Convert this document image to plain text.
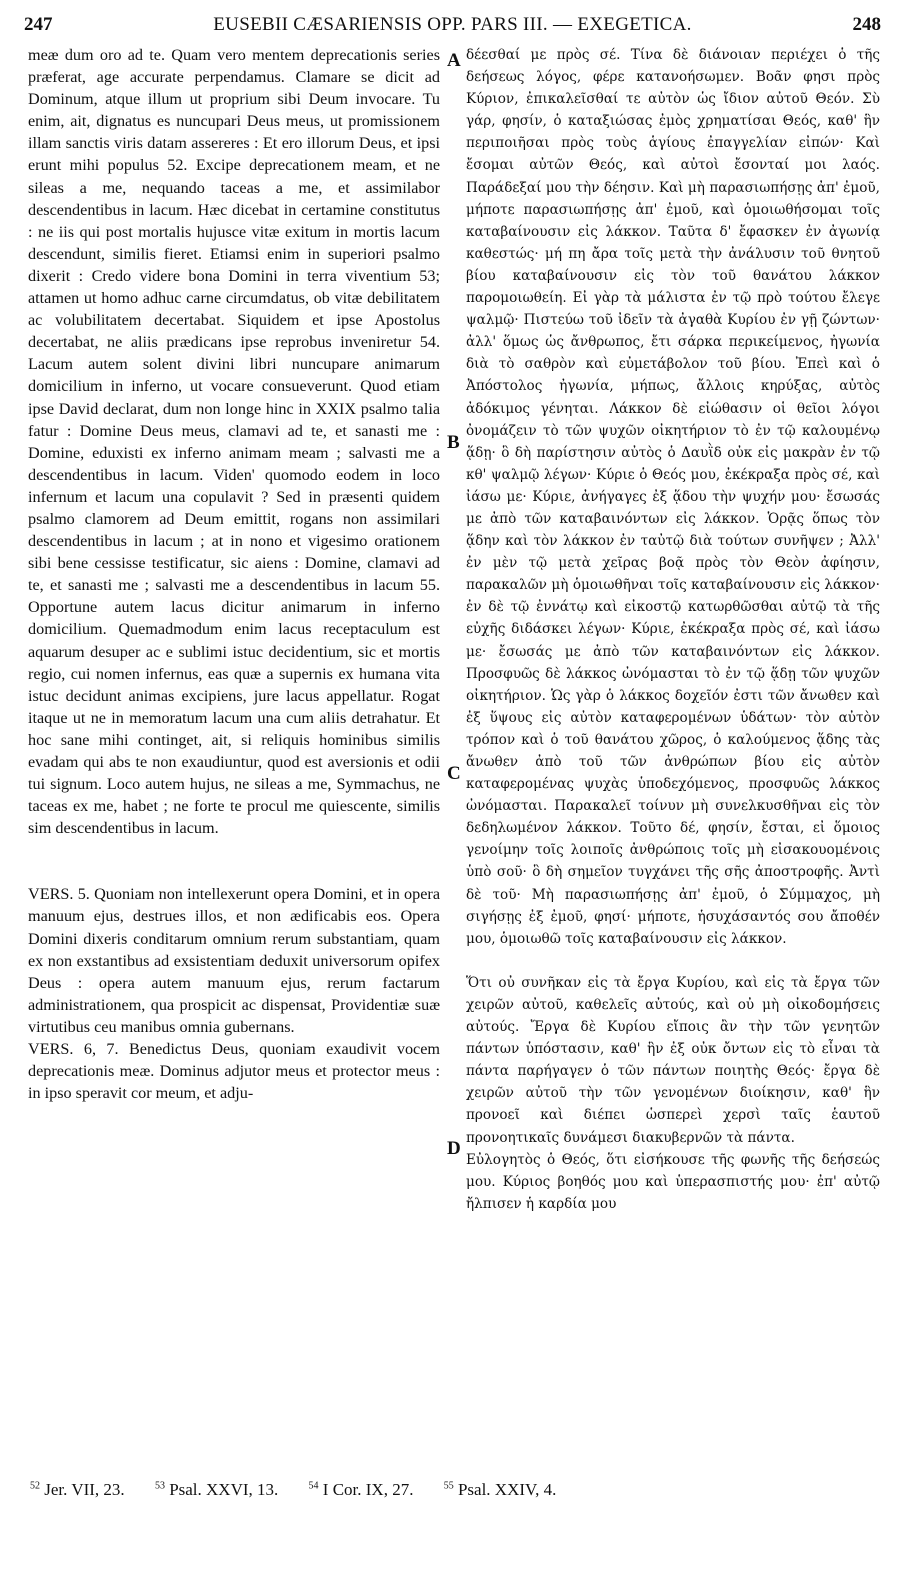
247	EUSEBII CÆSARIENSIS OPP. PARS III. — EXEGETICA.	248

meæ dum oro ad te. Quam vero mentem deprecationis series præferat, age accurate perpendamus. Clamare se dicit ad Dominum, atque illum ut proprium sibi Deum invocare. Tu enim, ait, dignatus es nuncupari Deus meus, ut promissionem illam sanctis viris datam assereres : Et ero illorum Deus, et ipsi erunt mihi populus 52. Excipe deprecationem meam, et ne sileas a me, nequando taceas a me, et assimilabor descendentibus in lacum. Hæc dicebat in certamine constitutus : ne iis qui post mortalis hujusce vitæ exitum in mortis lacum descendunt, similis fieret. Etiamsi enim in superiori psalmo dixerit : Credo videre bona Domini in terra viventium 53; attamen ut homo adhuc carne circumdatus, ob vitæ debilitatem ac volubilitatem decertabat. Siquidem et ipse Apostolus decertabat, ne aliis prædicans ipse reprobus inveniretur 54. Lacum autem solent divini libri nuncupare animarum domicilium in inferno, ut vocare consueverunt. Quod etiam ipse David declarat, dum non longe hinc in XXIX psalmo talia fatur : Domine Deus meus, clamavi ad te, et sanasti me : Domine, eduxisti ex inferno animam meam ; salvasti me a descendentibus in lacum. Viden' quomodo eodem in loco infernum et lacum una copulavit ? Sed in præsenti quidem psalmo clamorem ad Deum emittit, rogans non assimilari descendentibus in lacum ; at in nono et vigesimo orationem sibi bene cessisse testificatur, sic aiens : Domine, clamavi ad te, et sanasti me ; salvasti me a descendentibus in lacum 55. Opportune autem lacus dicitur animarum in inferno domicilium. Quemadmodum enim lacus receptaculum est aquarum desuper ac e sublimi istuc decidentium, sic et mortis regio, cui nomen infernus, eas quæ a supernis ex humana vita istuc decidunt animas excipiens, jure lacus appellatur. Rogat itaque ut ne in memoratum lacum una cum aliis detrahatur. Et hoc sane mihi continget, ait, si reliquis hominibus similis evadam qui abs te non exaudiuntur, quod est aversionis et odii tui signum. Loco autem hujus, ne sileas a me, Symmachus, ne taceas ex me, habet ; ne forte te procul me quiescente, similis sim descendentibus in lacum.

VERS. 5. Quoniam non intellexerunt opera Domini, et in opera manuum ejus, destrues illos, et non ædificabis eos. Opera Domini dixeris conditarum omnium rerum substantiam, quam ex non exstantibus ad exsistentiam deduxit universorum opifex Deus : opera autem manuum ejus, rerum factarum administrationem, qua prospicit ac dispensat, Providentiæ suæ virtutibus ceu manibus omnia gubernans.

VERS. 6, 7. Benedictus Deus, quoniam exaudivit vocem deprecationis meæ. Dominus adjutor meus et protector meus : in ipso speravit cor meum, et adju-

A
B
C
D

δέεσθαί με πρὸς σέ. Τίνα δὲ διάνοιαν περιέχει ὁ τῆς δεήσεως λόγος, φέρε κατανοήσωμεν. Βοᾶν φησι πρὸς Κύριον, ἐπικαλεῖσθαί τε αὐτὸν ὡς ἴδιον αὐτοῦ Θεόν. Σὺ γάρ, φησίν, ὁ καταξιώσας ἐμὸς χρηματίσαι Θεός, καθ' ἣν περιποιῆσαι πρὸς τοὺς ἁγίους ἐπαγγελίαν εἰπών· Καὶ ἔσομαι αὐτῶν Θεός, καὶ αὐτοὶ ἔσονταί μοι λαός. Παράδεξαί μου τὴν δέησιν. Καὶ μὴ παρασιωπήσῃς ἀπ' ἐμοῦ, μήποτε παρασιωπήσῃς ἀπ' ἐμοῦ, καὶ ὁμοιωθήσομαι τοῖς καταβαίνουσιν εἰς λάκκον. Ταῦτα δ' ἔφασκεν ἐν ἀγωνίᾳ καθεστώς· μή πη ἄρα τοῖς μετὰ τὴν ἀνάλυσιν τοῦ θνητοῦ βίου καταβαίνουσιν εἰς τὸν τοῦ θανάτου λάκκον παρομοιωθείη. Εἰ γὰρ τὰ μάλιστα ἐν τῷ πρὸ τούτου ἔλεγε ψαλμῷ· Πιστεύω τοῦ ἰδεῖν τὰ ἀγαθὰ Κυρίου ἐν γῇ ζώντων· ἀλλ' ὅμως ὡς ἄνθρωπος, ἔτι σάρκα περικείμενος, ἠγωνία διὰ τὸ σαθρὸν καὶ εὐμετάβολον τοῦ βίου. Ἐπεὶ καὶ ὁ Ἀπόστολος ἠγωνία, μήπως, ἄλλοις κηρύξας, αὐτὸς ἀδόκιμος γένηται. Λάκκον δὲ εἰώθασιν οἱ θεῖοι λόγοι ὀνομάζειν τὸ τῶν ψυχῶν οἰκητήριον τὸ ἐν τῷ καλουμένῳ ᾅδῃ· ὃ δὴ παρίστησιν αὐτὸς ὁ Δαυῒδ οὐκ εἰς μακρὰν ἐν τῷ κθ' ψαλμῷ λέγων· Κύριε ὁ Θεός μου, ἐκέκραξα πρὸς σέ, καὶ ἰάσω με· Κύριε, ἀνήγαγες ἐξ ᾅδου τὴν ψυχήν μου· ἔσωσάς με ἀπὸ τῶν καταβαινόντων εἰς λάκκον. Ὁρᾷς ὅπως τὸν ᾅδην καὶ τὸν λάκκον ἐν ταὐτῷ διὰ τούτων συνῆψεν ; Ἀλλ' ἐν μὲν τῷ μετὰ χεῖρας βοᾷ πρὸς τὸν Θεὸν ἀφίησιν, παρακαλῶν μὴ ὁμοιωθῆναι τοῖς καταβαίνουσιν εἰς λάκκον· ἐν δὲ τῷ ἐννάτῳ καὶ εἰκοστῷ κατωρθῶσθαι αὐτῷ τὰ τῆς εὐχῆς διδάσκει λέγων· Κύριε, ἐκέκραξα πρὸς σέ, καὶ ἰάσω με· ἔσωσάς με ἀπὸ τῶν καταβαινόντων εἰς λάκκον. Προσφυῶς δὲ λάκκος ὠνόμασται τὸ ἐν τῷ ᾅδῃ τῶν ψυχῶν οἰκητήριον. Ὡς γὰρ ὁ λάκκος δοχεῖόν ἐστι τῶν ἄνωθεν καὶ ἐξ ὕψους εἰς αὐτὸν καταφερομένων ὑδάτων· τὸν αὐτὸν τρόπον καὶ ὁ τοῦ θανάτου χῶρος, ὁ καλούμενος ᾅδης τὰς ἄνωθεν ἀπὸ τοῦ τῶν ἀνθρώπων βίου εἰς αὐτὸν καταφερομένας ψυχὰς ὑποδεχόμενος, προσφυῶς λάκκος ὠνόμασται. Παρακαλεῖ τοίνυν μὴ συνελκυσθῆναι εἰς τὸν δεδηλωμένον λάκκον. Τοῦτο δέ, φησίν, ἔσται, εἰ ὅμοιος γενοίμην τοῖς λοιποῖς ἀνθρώποις τοῖς μὴ εἰσακουομένοις ὑπὸ σοῦ· ὃ δὴ σημεῖον τυγχάνει τῆς σῆς ἀποστροφῆς. Ἀντὶ δὲ τοῦ· Μὴ παρασιωπήσῃς ἀπ' ἐμοῦ, ὁ Σύμμαχος, μὴ σιγήσῃς ἐξ ἐμοῦ, φησί· μήποτε, ἡσυχάσαντός σου ἄποθέν μου, ὁμοιωθῶ τοῖς καταβαίνουσιν εἰς λάκκον.

Ὅτι οὐ συνῆκαν εἰς τὰ ἔργα Κυρίου, καὶ εἰς τὰ ἔργα τῶν χειρῶν αὐτοῦ, καθελεῖς αὐτούς, καὶ οὐ μὴ οἰκοδομήσεις αὐτούς. Ἔργα δὲ Κυρίου εἴποις ἂν τὴν τῶν γενητῶν πάντων ὑπόστασιν, καθ' ἣν ἐξ οὐκ ὄντων εἰς τὸ εἶναι τὰ πάντα παρήγαγεν ὁ τῶν πάντων ποιητὴς Θεός· ἔργα δὲ χειρῶν αὐτοῦ τὴν τῶν γενομένων διοίκησιν, καθ' ἣν προνοεῖ καὶ διέπει ὡσπερεὶ χερσὶ ταῖς ἑαυτοῦ προνοητικαῖς δυνάμεσι διακυβερνῶν τὰ πάντα.

Εὐλογητὸς ὁ Θεός, ὅτι εἰσήκουσε τῆς φωνῆς τῆς δεήσεώς μου. Κύριος βοηθός μου καὶ ὑπερασπιστής μου· ἐπ' αὐτῷ ἤλπισεν ἡ καρδία μου

$^{52}$ Jer. VII, 23.	$^{53}$ Psal. XXVI, 13.	$^{54}$ I Cor. IX, 27.	$^{55}$ Psal. XXIV, 4.
